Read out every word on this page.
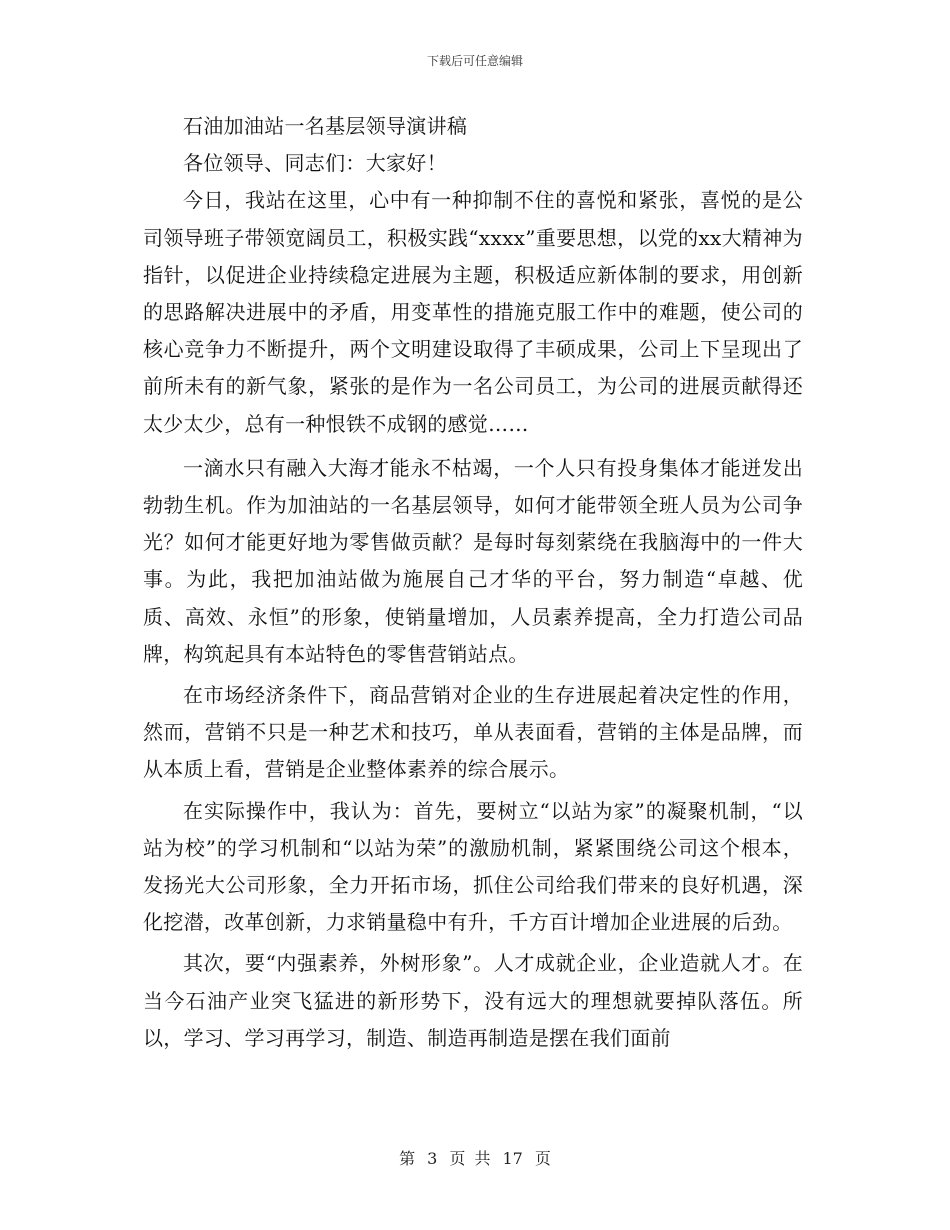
下载后可任意编辑

石油加油站一名基层领导演讲稿

各位领导、同志们：大家好！

今日，我站在这里，心中有一种抑制不住的喜悦和紧张，喜悦的是公司领导班子带领宽阔员工，积极实践“xxxx”重要思想，以党的xx大精神为指针，以促进企业持续稳定进展为主题，积极适应新体制的要求，用创新的思路解决进展中的矛盾，用变革性的措施克服工作中的难题，使公司的核心竞争力不断提升，两个文明建设取得了丰硕成果，公司上下呈现出了前所未有的新气象，紧张的是作为一名公司员工，为公司的进展贡献得还太少太少，总有一种恨铁不成钢的感觉……

一滴水只有融入大海才能永不枯竭，一个人只有投身集体才能迸发出勃勃生机。作为加油站的一名基层领导，如何才能带领全班人员为公司争光？如何才能更好地为零售做贡献？是每时每刻萦绕在我脑海中的一件大事。为此，我把加油站做为施展自己才华的平台，努力制造“卓越、优质、高效、永恒”的形象，使销量增加，人员素养提高，全力打造公司品牌，构筑起具有本站特色的零售营销站点。

在市场经济条件下，商品营销对企业的生存进展起着决定性的作用，然而，营销不只是一种艺术和技巧，单从表面看，营销的主体是品牌，而从本质上看，营销是企业整体素养的综合展示。

在实际操作中，我认为：首先，要树立“以站为家”的凝聚机制，“以站为校”的学习机制和“以站为荣”的激励机制，紧紧围绕公司这个根本，发扬光大公司形象，全力开拓市场，抓住公司给我们带来的良好机遇，深化挖潜，改革创新，力求销量稳中有升，千方百计增加企业进展的后劲。

其次，要“内强素养，外树形象”。人才成就企业，企业造就人才。在当今石油产业突飞猛进的新形势下，没有远大的理想就要掉队落伍。所以，学习、学习再学习，制造、制造再制造是摆在我们面前

第 3 页 共 17 页
